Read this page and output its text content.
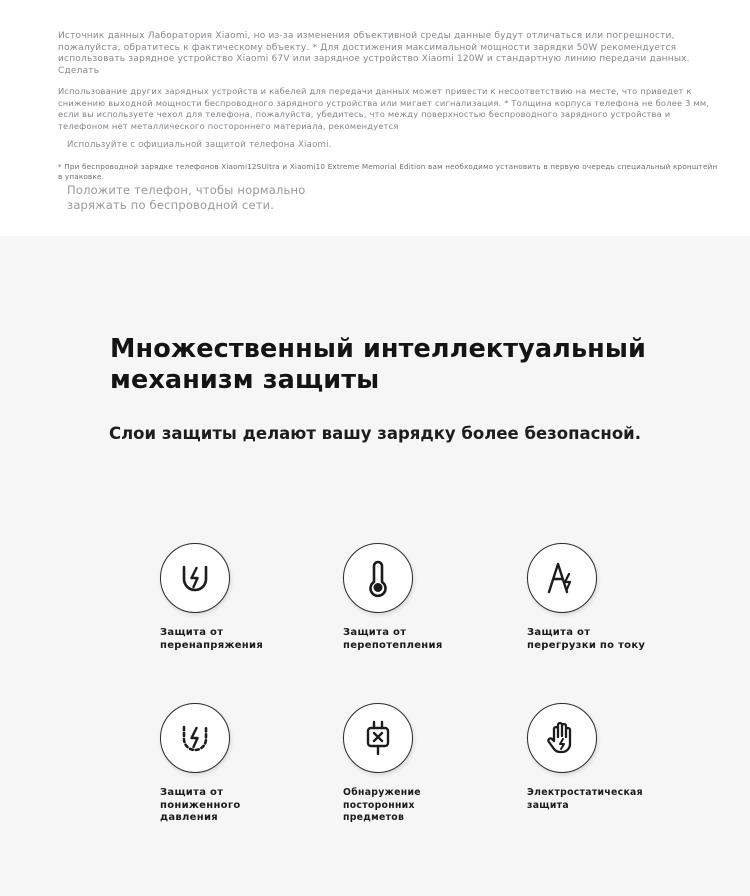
Источник данных Лаборатория Xiaomi, но из-за изменения объективной среды данные будут отличаться или погрешности, пожалуйста, обратитесь к фактическому объекту. * Для достижения максимальной мощности зарядки 50W рекомендуется использовать зарядное устройство Xiaomi 67V или зарядное устройство Xiaomi 120W и стандартную линию передачи данных. Сделать

Использование других зарядных устройств и кабелей для передачи данных может привести к несоответствию на месте, что приведет к снижению выходной мощности беспроводного зарядного устройства или мигает сигнализация. * Толщина корпуса телефона не более 3 мм, если вы используете чехол для телефона, пожалуйста, убедитесь, что между поверхностью беспроводного зарядного устройства и телефоном нет металлического постороннего материала, рекомендуется

Используйте с официальной защитой телефона Xiaomi.

* При беспроводной зарядке телефонов Xiaomi12SUltra и Xiaomi10 Extreme Memorial Edition вам необходимо установить в первую очередь специальный кронштейн в упаковке.

Положите телефон, чтобы нормально заряжать по беспроводной сети.

Множественный интеллектуальный механизм защиты

Слои защиты делают вашу зарядку более безопасной.

Защита от
перенапряжения
Защита от
перепотепления
Защита от
перегрузки по току
Защита от
пониженного
давления
Обнаружение
посторонних
предметов
Электростатическая
защита
